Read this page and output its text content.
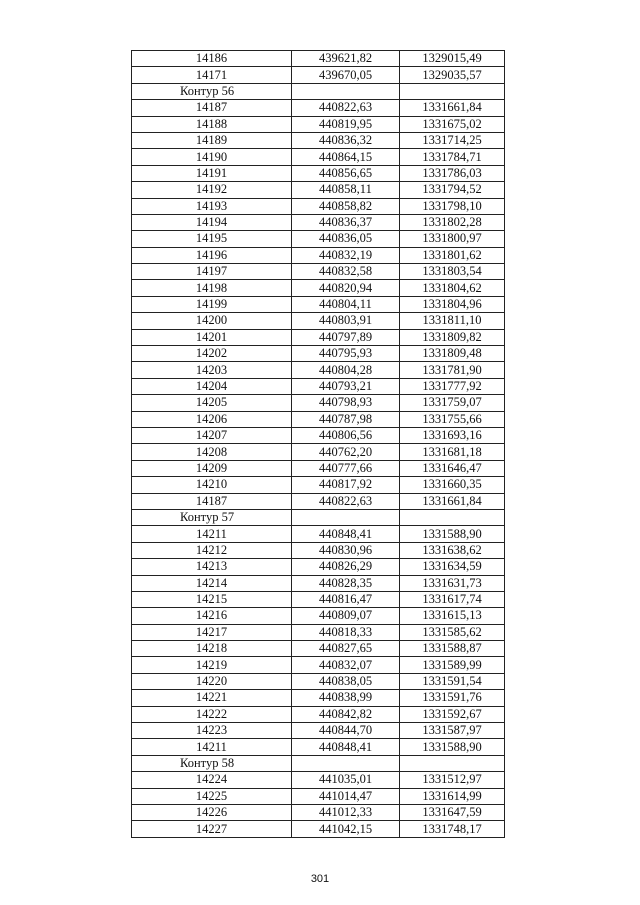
14186	439621,82	1329015,49
14171	439670,05	1329035,57
Контур 56		
14187	440822,63	1331661,84
14188	440819,95	1331675,02
14189	440836,32	1331714,25
14190	440864,15	1331784,71
14191	440856,65	1331786,03
14192	440858,11	1331794,52
14193	440858,82	1331798,10
14194	440836,37	1331802,28
14195	440836,05	1331800,97
14196	440832,19	1331801,62
14197	440832,58	1331803,54
14198	440820,94	1331804,62
14199	440804,11	1331804,96
14200	440803,91	1331811,10
14201	440797,89	1331809,82
14202	440795,93	1331809,48
14203	440804,28	1331781,90
14204	440793,21	1331777,92
14205	440798,93	1331759,07
14206	440787,98	1331755,66
14207	440806,56	1331693,16
14208	440762,20	1331681,18
14209	440777,66	1331646,47
14210	440817,92	1331660,35
14187	440822,63	1331661,84
Контур 57		
14211	440848,41	1331588,90
14212	440830,96	1331638,62
14213	440826,29	1331634,59
14214	440828,35	1331631,73
14215	440816,47	1331617,74
14216	440809,07	1331615,13
14217	440818,33	1331585,62
14218	440827,65	1331588,87
14219	440832,07	1331589,99
14220	440838,05	1331591,54
14221	440838,99	1331591,76
14222	440842,82	1331592,67
14223	440844,70	1331587,97
14211	440848,41	1331588,90
Контур 58		
14224	441035,01	1331512,97
14225	441014,47	1331614,99
14226	441012,33	1331647,59
14227	441042,15	1331748,17
301
